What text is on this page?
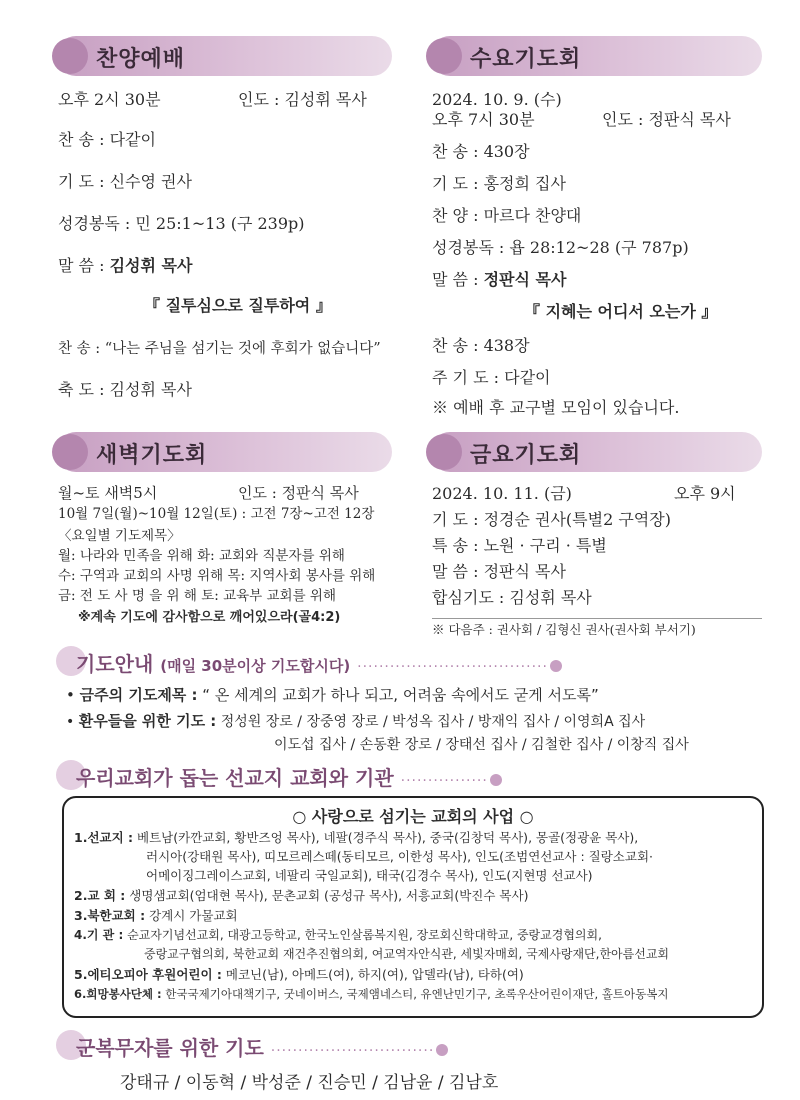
찬양예배
오후 2시 30분	인도 : 김성휘 목사
찬 송 : 다같이
기 도 : 신수영 권사
성경봉독 : 민 25:1~13 (구 239p)
말 씀 : 김성휘 목사
『 질투심으로 질투하여 』
찬 송 : “나는 주님을 섬기는 것에 후회가 없습니다”
축 도 : 김성휘 목사
수요기도회
2024. 10. 9. (수)
오후 7시 30분	인도 : 정판식 목사
찬 송 : 430장
기 도 : 홍정희 집사
찬 양 : 마르다 찬양대
성경봉독 : 욥 28:12~28 (구 787p)
말 씀 : 정판식 목사
『 지혜는 어디서 오는가 』
찬 송 : 438장
주 기 도 : 다같이
※ 예배 후 교구별 모임이 있습니다.
새벽기도회
월~토 새벽5시	인도 : 정판식 목사
10월 7일(월)~10월 12일(토) : 고전 7장~고전 12장
〈요일별 기도제목〉
월: 나라와 민족을 위해 화: 교회와 직분자를 위해
수: 구역과 교회의 사명 위해 목: 지역사회 봉사를 위해
금: 전 도 사 명 을 위 해 토: 교육부 교회를 위해
※계속 기도에 감사함으로 깨어있으라(골4:2)
금요기도회
2024. 10. 11. (금)	오후 9시
기 도 : 정경순 권사(특별2 구역장)
특 송 : 노원 · 구리 · 특별
말 씀 : 정판식 목사
합심기도 : 김성휘 목사
※ 다음주 : 권사회 / 김형신 권사(권사회 부서기)
기도안내 (매일 30분이상 기도합시다) ···································
• 금주의 기도제목 : “ 온 세계의 교회가 하나 되고, 어려움 속에서도 굳게 서도록”
• 환우들을 위한 기도 : 정성원 장로 / 장중영 장로 / 박성옥 집사 / 방재익 집사 / 이영희A 집사
이도섭 집사 / 손동환 장로 / 장태선 집사 / 김철한 집사 / 이창직 집사
우리교회가 돕는 선교지 교회와 기관 ················
○ 사랑으로 섬기는 교회의 사업 ○
1.선교지 : 베트남(카깐교회, 황반즈엉 목사), 네팔(경주식 목사), 중국(김창덕 목사), 몽골(정광윤 목사),
러시아(강태원 목사), 띠모르레스떼(동티모르, 이한성 목사), 인도(조범연선교사 : 질랑소교회·
어메이징그레이스교회, 네팔리 국일교회), 태국(김경수 목사), 인도(지현명 선교사)
2.교 회 : 생명샘교회(엄대현 목사), 문촌교회 (공성규 목사), 서흥교회(박진수 목사)
3.북한교회 : 강계시 가물교회
4.기 관 : 순교자기념선교회, 대광고등학교, 한국노인살롬복지원, 장로회신학대학교, 중랑교경협의회,
중랑교구협의회, 북한교회 재건추진협의회, 여교역자안식관, 세빛자매회, 국제사랑재단,한아름선교회
5.에티오피아 후원어린이 : 메코닌(남), 아메드(여), 하지(여), 압델라(남), 타하(여)
6.희망봉사단체 : 한국국제기아대책기구, 굿네이버스, 국제앰네스티, 유엔난민기구, 초록우산어린이재단, 홀트아동복지
군복무자를 위한 기도 ······························
강태규 / 이동혁 / 박성준 / 진승민 / 김남윤 / 김남호
